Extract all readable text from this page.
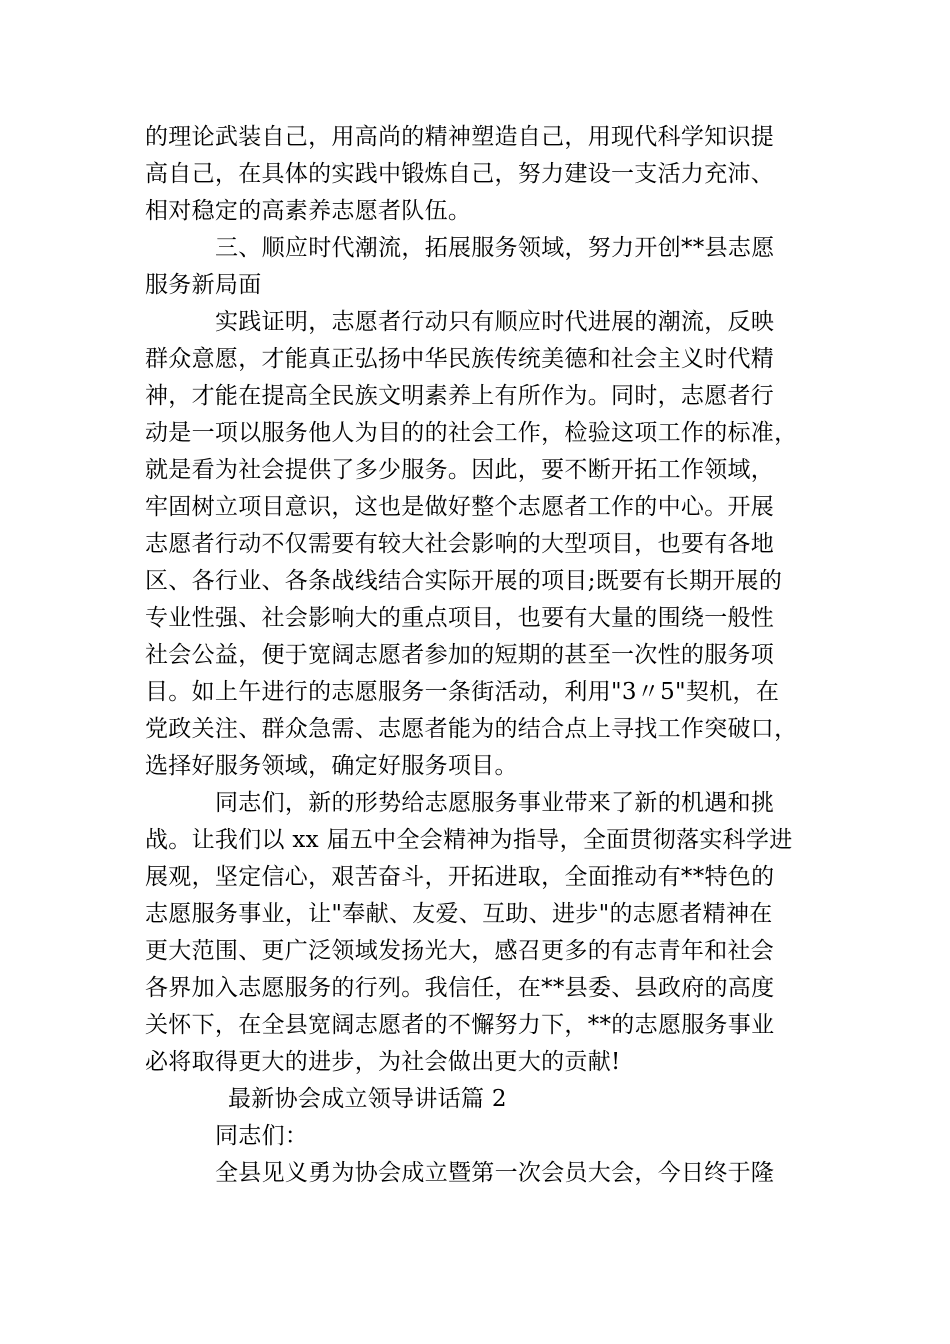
的理论武装自己，用高尚的精神塑造自己，用现代科学知识提
高自己，在具体的实践中锻炼自己，努力建设一支活力充沛、
相对稳定的高素养志愿者队伍。
三、顺应时代潮流，拓展服务领域，努力开创**县志愿
服务新局面
实践证明，志愿者行动只有顺应时代进展的潮流，反映
群众意愿，才能真正弘扬中华民族传统美德和社会主义时代精
神，才能在提高全民族文明素养上有所作为。同时，志愿者行
动是一项以服务他人为目的的社会工作，检验这项工作的标准，
就是看为社会提供了多少服务。因此，要不断开拓工作领域，
牢固树立项目意识，这也是做好整个志愿者工作的中心。开展
志愿者行动不仅需要有较大社会影响的大型项目，也要有各地
区、各行业、各条战线结合实际开展的项目;既要有长期开展的
专业性强、社会影响大的重点项目，也要有大量的围绕一般性
社会公益，便于宽阔志愿者参加的短期的甚至一次性的服务项
目。如上午进行的志愿服务一条街活动，利用"3〃5"契机，在
党政关注、群众急需、志愿者能为的结合点上寻找工作突破口，
选择好服务领域，确定好服务项目。
同志们，新的形势给志愿服务事业带来了新的机遇和挑
战。让我们以 xx 届五中全会精神为指导，全面贯彻落实科学进
展观，坚定信心，艰苦奋斗，开拓进取，全面推动有**特色的
志愿服务事业，让"奉献、友爱、互助、进步"的志愿者精神在
更大范围、更广泛领域发扬光大，感召更多的有志青年和社会
各界加入志愿服务的行列。我信任，在**县委、县政府的高度
关怀下，在全县宽阔志愿者的不懈努力下，**的志愿服务事业
必将取得更大的进步，为社会做出更大的贡献!
最新协会成立领导讲话篇 2
同志们：
全县见义勇为协会成立暨第一次会员大会，今日终于隆
